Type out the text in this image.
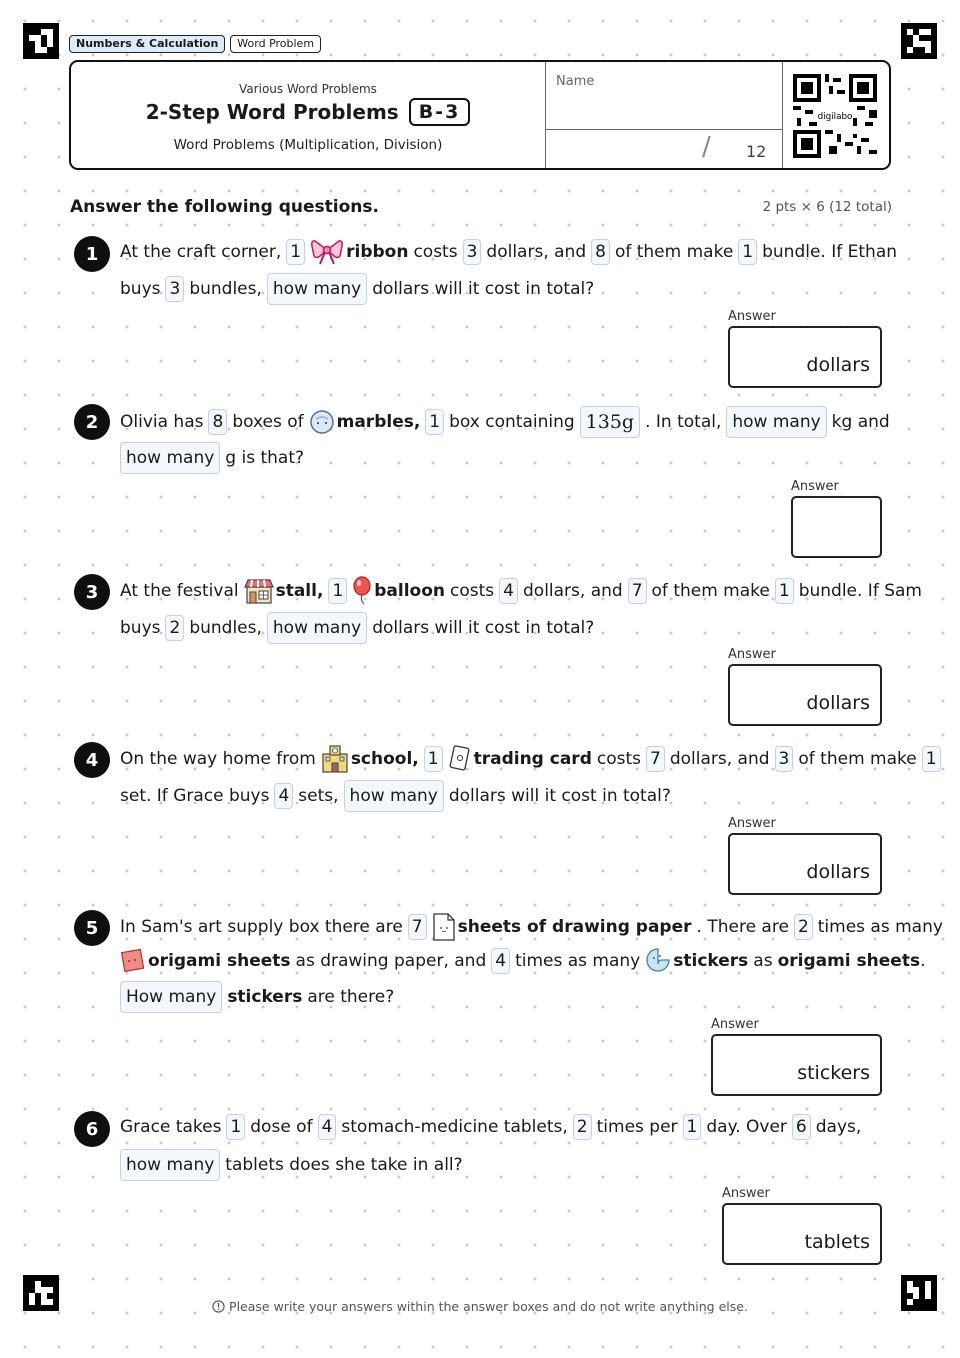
Numbers & Calculation	Word Problem
Various Word Problems
2-Step Word Problems	B-3
Word Problems (Multiplication, Division)
Name
/ 12
digilabo
Answer the following questions.	2 pts × 6 (12 total)
1	At the craft corner, 1	ribbon costs 3 dollars, and 8 of them make 1 bundle. If Ethan
buys 3 bundles, how many dollars will it cost in total?
Answer
dollars
2	Olivia has 8 boxes of marbles, 1 box containing 135g . In total, how many kg and
how many g is that?
Answer
3	At the festival stall, 1 balloon costs 4 dollars, and 7 of them make 1 bundle. If Sam
buys 2 bundles, how many dollars will it cost in total?
Answer
dollars
4	On the way home from school, 1 trading card costs 7 dollars, and 3 of them make 1
set. If Grace buys 4 sets, how many dollars will it cost in total?
Answer
dollars
5	In Sam's art supply box there are 7 sheets of drawing paper . There are 2 times as many
origami sheets as drawing paper, and 4 times as many stickers as origami sheets .
How many stickers are there?
Answer
stickers
6	Grace takes 1 dose of 4 stomach-medicine tablets, 2 times per 1 day. Over 6 days,
how many tablets does she take in all?
Answer
tablets
Please write your answers within the answer boxes and do not write anything else.
